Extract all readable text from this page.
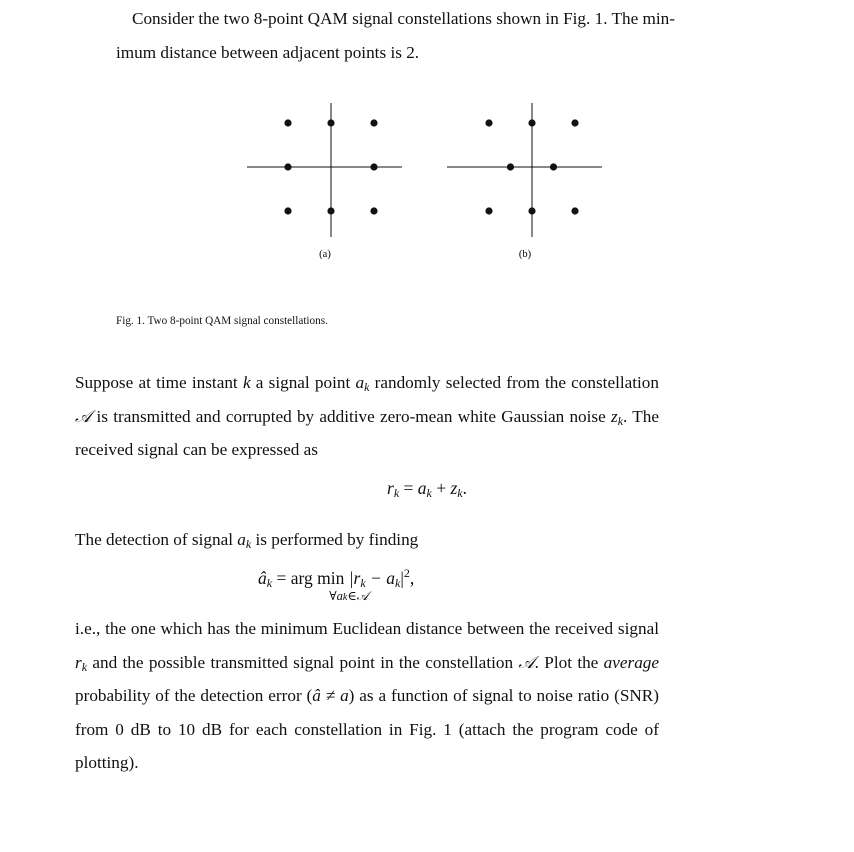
Consider the two 8-point QAM signal constellations shown in Fig. 1. The min-
imum distance between adjacent points is 2.

(a)	(b)
Fig. 1. Two 8-point QAM signal constellations.

Suppose at time instant k a signal point $a_k$ randomly selected from the constellation 𝒜 is transmitted and corrupted by additive zero-mean white Gaussian noise $z_k$. The received signal can be expressed as

$r_k = a_k + z_k$.

The detection of signal $a_k$ is performed by finding

$â_k$ = arg min
∀ak∈𝒜
$|r_k - a_k|^2$,

i.e., the one which has the minimum Euclidean distance between the received signal $r_k$ and the possible transmitted signal point in the constellation 𝒜. Plot the average probability of the detection error (â ≠ a) as a function of signal to noise ratio (SNR) from 0 dB to 10 dB for each constellation in Fig. 1 (attach the program code of plotting).
